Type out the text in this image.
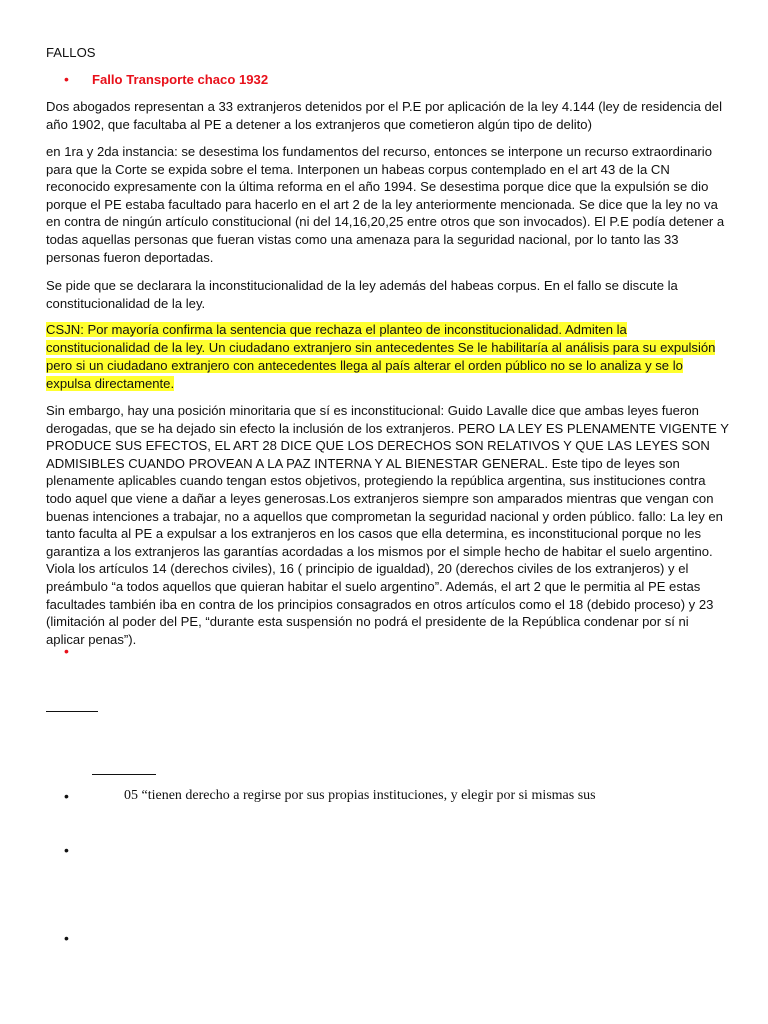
FALLOS

•	Fallo Transporte chaco 1932

Dos abogados representan a 33 extranjeros detenidos por el P.E por aplicación de la ley 4.144 (ley de residencia del año 1902, que facultaba al PE a detener a los extranjeros que cometieron algún tipo de delito)

en 1ra y 2da instancia: se desestima los fundamentos del recurso, entonces se interpone un recurso extraordinario para que la Corte se expida sobre el tema. Interponen un habeas corpus contemplado en el art 43 de la CN reconocido expresamente con la última reforma en el año 1994. Se desestima porque dice que la expulsión se dio porque el PE estaba facultado para hacerlo en el art 2 de la ley anteriormente mencionada. Se dice que la ley no va en contra de ningún artículo constitucional (ni del 14,16,20,25 entre otros que son invocados). El P.E podía detener a todas aquellas personas que fueran vistas como una amenaza para la seguridad nacional, por lo tanto las 33 personas fueron deportadas.

Se pide que se declarara la inconstitucionalidad de la ley además del habeas corpus. En el fallo se discute la constitucionalidad de la ley.

CSJN: Por mayoría confirma la sentencia que rechaza el planteo de inconstitucionalidad. Admiten la constitucionalidad de la ley. Un ciudadano extranjero sin antecedentes Se le habilitaría al análisis para su expulsión pero si un ciudadano extranjero con antecedentes llega al país alterar el orden público no se lo analiza y se lo expulsa directamente.

Sin embargo, hay una posición minoritaria que sí es inconstitucional: Guido Lavalle dice que ambas leyes fueron derogadas, que se ha dejado sin efecto la inclusión de los extranjeros. PERO LA LEY ES PLENAMENTE VIGENTE Y PRODUCE SUS EFECTOS, EL ART 28 DICE QUE LOS DERECHOS SON RELATIVOS Y QUE LAS LEYES SON ADMISIBLES CUANDO PROVEAN A LA PAZ INTERNA Y AL BIENESTAR GENERAL. Este tipo de leyes son plenamente aplicables cuando tengan estos objetivos, protegiendo la república argentina, sus instituciones contra todo aquel que viene a dañar a leyes generosas.Los extranjeros siempre son amparados mientras que vengan con buenas intenciones a trabajar, no a aquellos que comprometan la seguridad nacional y orden público. fallo: La ley en tanto faculta al PE a expulsar a los extranjeros en los casos que ella determina, es inconstitucional porque no les garantiza a los extranjeros las garantías acordadas a los mismos por el simple hecho de habitar el suelo argentino. Viola los artículos 14 (derechos civiles), 16 ( principio de igualdad), 20 (derechos civiles de los extranjeros) y el preámbulo “a todos aquellos que quieran habitar el suelo argentino”. Además, el art 2 que le permitia al PE estas facultades también iba en contra de los principios consagrados en otros artículos como el 18 (debido proceso) y 23 (limitación al poder del PE, “durante esta suspensión no podrá el presidente de la República condenar por sí ni aplicar penas”).

•
•	05 “tienen derecho a regirse por sus propias instituciones, y elegir por si mismas sus
•
•
